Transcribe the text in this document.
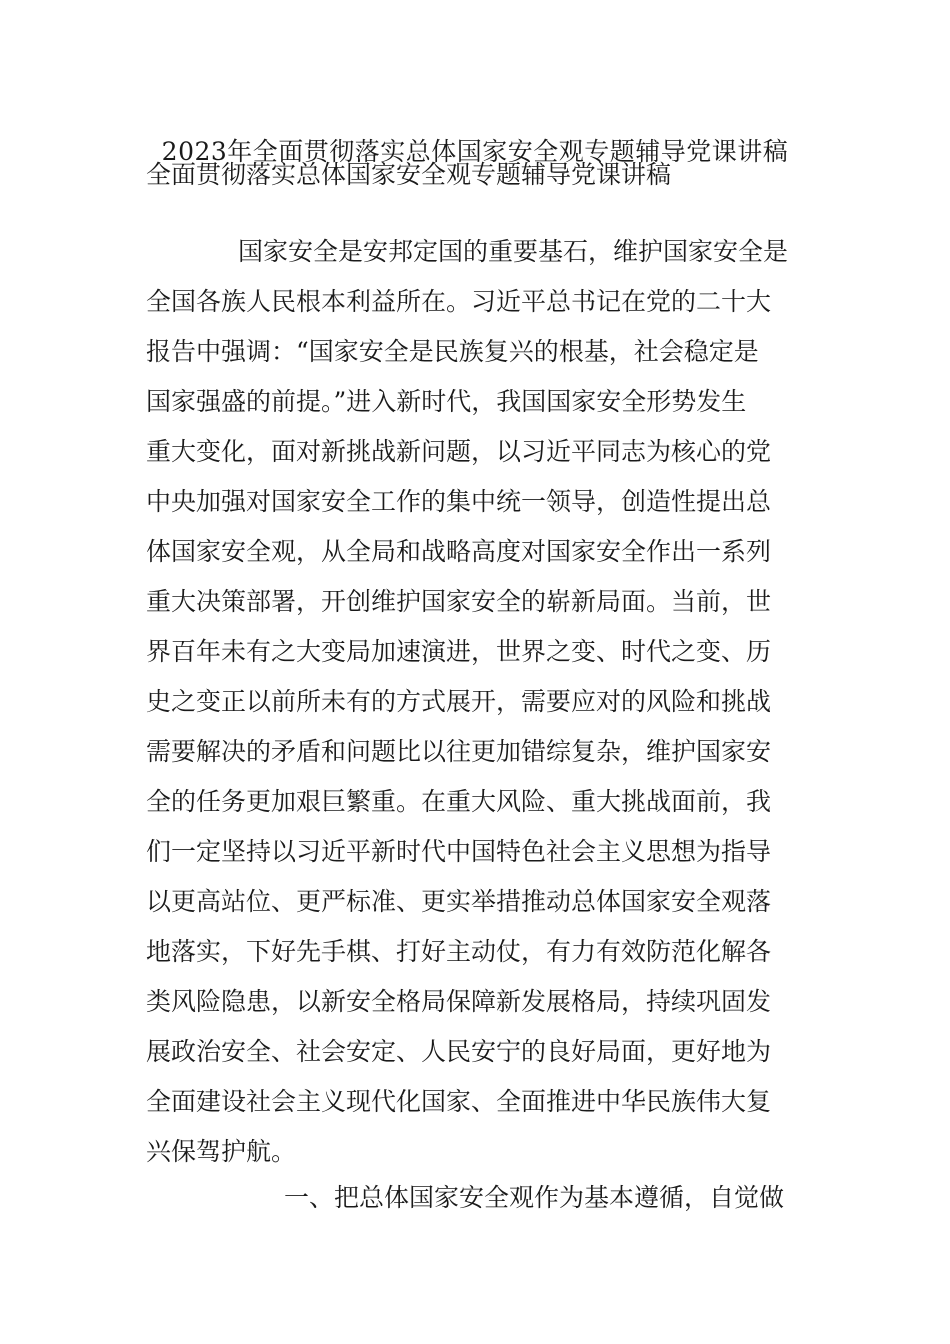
2023年全面贯彻落实总体国家安全观专题辅导党课讲稿
全面贯彻落实总体国家安全观专题辅导党课讲稿
国家安全是安邦定国的重要基石，维护国家安全是
全国各族人民根本利益所在。习近平总书记在党的二十大
报告中强调：“国家安全是民族复兴的根基，社会稳定是
国家强盛的前提。”进入新时代，我国国家安全形势发生
重大变化，面对新挑战新问题，以习近平同志为核心的党
中央加强对国家安全工作的集中统一领导，创造性提出总
体国家安全观，从全局和战略高度对国家安全作出一系列
重大决策部署，开创维护国家安全的崭新局面。当前，世
界百年未有之大变局加速演进，世界之变、时代之变、历
史之变正以前所未有的方式展开，需要应对的风险和挑战
需要解决的矛盾和问题比以往更加错综复杂，维护国家安
全的任务更加艰巨繁重。在重大风险、重大挑战面前，我
们一定坚持以习近平新时代中国特色社会主义思想为指导
以更高站位、更严标准、更实举措推动总体国家安全观落
地落实，下好先手棋、打好主动仗，有力有效防范化解各
类风险隐患，以新安全格局保障新发展格局，持续巩固发
展政治安全、社会安定、人民安宁的良好局面，更好地为
全面建设社会主义现代化国家、全面推进中华民族伟大复
兴保驾护航。
一、把总体国家安全观作为基本遵循，自觉做
